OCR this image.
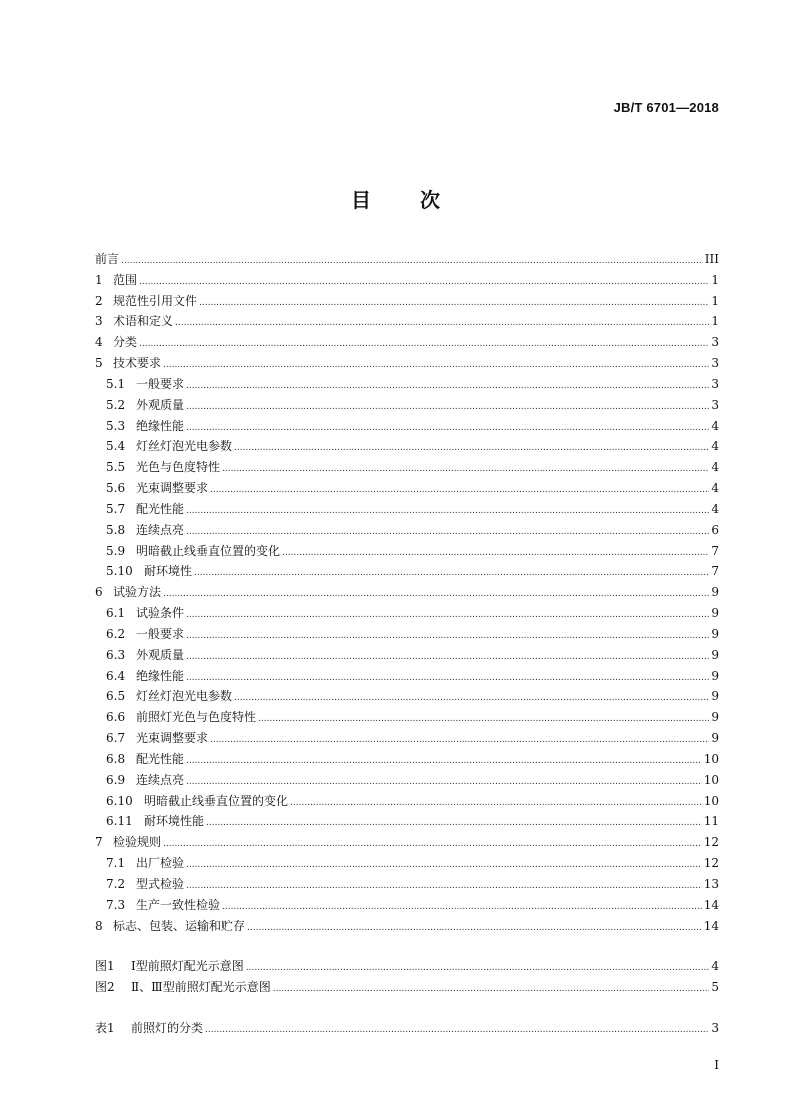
JB/T 6701—2018
目 次
前言 .....	III
1 范围 .....	1
2 规范性引用文件 .....	1
3 术语和定义 .....	1
4 分类 .....	3
5 技术要求 .....	3
5.1 一般要求 .....	3
5.2 外观质量 .....	3
5.3 绝缘性能 .....	4
5.4 灯丝灯泡光电参数 .....	4
5.5 光色与色度特性 .....	4
5.6 光束调整要求 .....	4
5.7 配光性能 .....	4
5.8 连续点亮 .....	6
5.9 明暗截止线垂直位置的变化 .....	7
5.10 耐环境性 .....	7
6 试验方法 .....	9
6.1 试验条件 .....	9
6.2 一般要求 .....	9
6.3 外观质量 .....	9
6.4 绝缘性能 .....	9
6.5 灯丝灯泡光电参数 .....	9
6.6 前照灯光色与色度特性 .....	9
6.7 光束调整要求 .....	9
6.8 配光性能 .....	10
6.9 连续点亮 .....	10
6.10 明暗截止线垂直位置的变化 .....	10
6.11 耐环境性能 .....	11
7 检验规则 .....	12
7.1 出厂检验 .....	12
7.2 型式检验 .....	13
7.3 生产一致性检验 .....	14
8 标志、包装、运输和贮存 .....	14
图1	Ⅰ型前照灯配光示意图 .....	4
图2	Ⅱ、Ⅲ型前照灯配光示意图 .....	5
表1	前照灯的分类 .....	3
I
